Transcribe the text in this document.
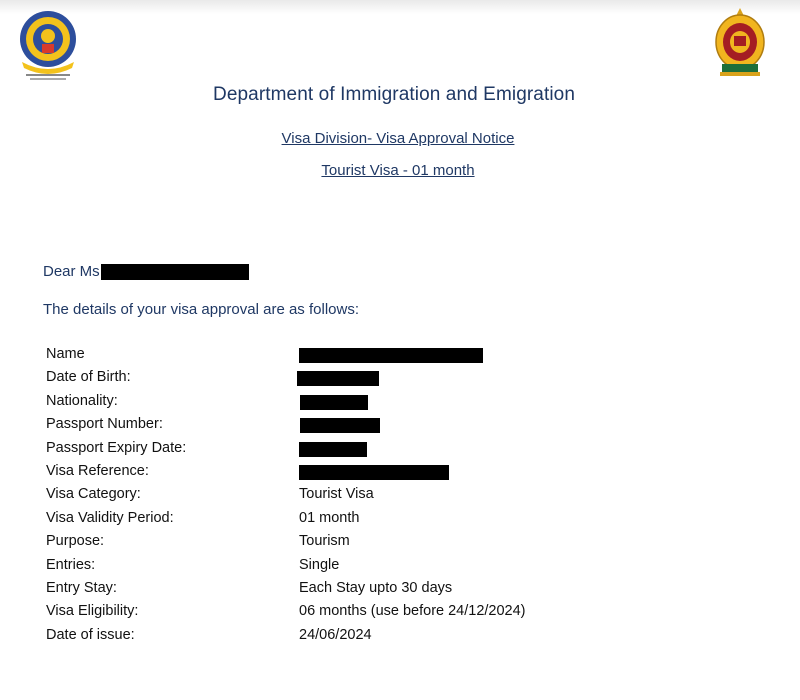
Department of Immigration and Emigration
Visa Division- Visa Approval Notice
Tourist Visa - 01 month
Dear Ms
The details of your visa approval are as follows:
Name
Date of Birth:
Nationality:
Passport Number:
Passport Expiry Date:
Visa Reference:
Visa Category:	Tourist Visa
Visa Validity Period:	01 month
Purpose:	Tourism
Entries:	Single
Entry Stay:	Each Stay upto 30 days
Visa Eligibility:	06 months (use before 24/12/2024)
Date of issue:	24/06/2024
